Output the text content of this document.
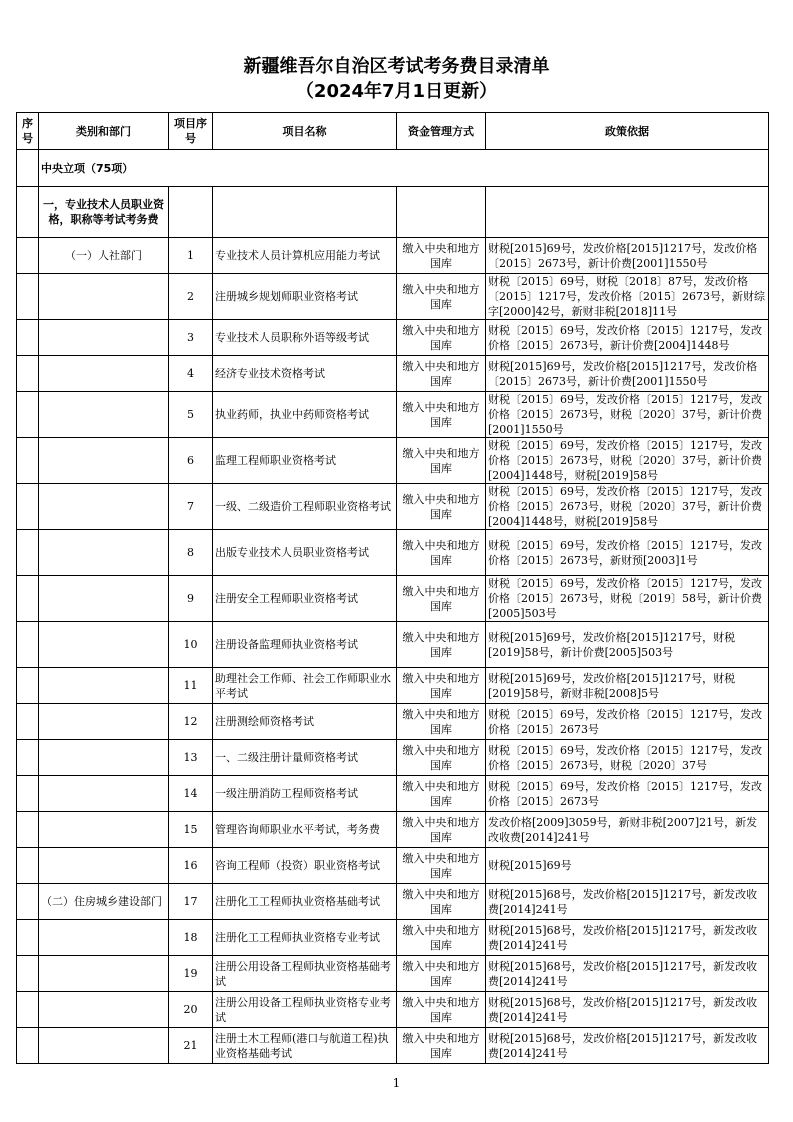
新疆维吾尔自治区考试考务费目录清单
（2024年7月1日更新）
序号	类别和部门	项目序号	项目名称	资金管理方式	政策依据
	中央立项（75项）				
	一，专业技术人员职业资格，职称等考试考务费				
	（一）人社部门	1	专业技术人员计算机应用能力考试	缴入中央和地方国库	财税[2015]69号，发改价格[2015]1217号，发改价格〔2015〕2673号，新计价费[2001]1550号
		2	注册城乡规划师职业资格考试	缴入中央和地方国库	财税〔2015〕69号，财税〔2018〕87号，发改价格〔2015〕1217号，发改价格〔2015〕2673号，新财综字[2000]42号，新财非税[2018]11号
		3	专业技术人员职称外语等级考试	缴入中央和地方国库	财税〔2015〕69号，发改价格〔2015〕1217号，发改价格〔2015〕2673号，新计价费[2004]1448号
		4	经济专业技术资格考试	缴入中央和地方国库	财税[2015]69号，发改价格[2015]1217号，发改价格〔2015〕2673号，新计价费[2001]1550号
		5	执业药师，执业中药师资格考试	缴入中央和地方国库	财税〔2015〕69号，发改价格〔2015〕1217号，发改价格〔2015〕2673号，财税〔2020〕37号，新计价费[2001]1550号
		6	监理工程师职业资格考试	缴入中央和地方国库	财税〔2015〕69号，发改价格〔2015〕1217号，发改价格〔2015〕2673号，财税〔2020〕37号，新计价费[2004]1448号，财税[2019]58号
		7	一级、二级造价工程师职业资格考试	缴入中央和地方国库	财税〔2015〕69号，发改价格〔2015〕1217号，发改价格〔2015〕2673号，财税〔2020〕37号，新计价费[2004]1448号，财税[2019]58号
		8	出版专业技术人员职业资格考试	缴入中央和地方国库	财税〔2015〕69号，发改价格〔2015〕1217号，发改价格〔2015〕2673号，新财预[2003]1号
		9	注册安全工程师职业资格考试	缴入中央和地方国库	财税〔2015〕69号，发改价格〔2015〕1217号，发改价格〔2015〕2673号，财税〔2019〕58号，新计价费[2005]503号
		10	注册设备监理师执业资格考试	缴入中央和地方国库	财税[2015]69号，发改价格[2015]1217号，财税[2019]58号，新计价费[2005]503号
		11	助理社会工作师、社会工作师职业水平考试	缴入中央和地方国库	财税[2015]69号，发改价格[2015]1217号，财税[2019]58号，新财非税[2008]5号
		12	注册测绘师资格考试	缴入中央和地方国库	财税〔2015〕69号，发改价格〔2015〕1217号，发改价格〔2015〕2673号
		13	一、二级注册计量师资格考试	缴入中央和地方国库	财税〔2015〕69号，发改价格〔2015〕1217号，发改价格〔2015〕2673号，财税〔2020〕37号
		14	一级注册消防工程师资格考试	缴入中央和地方国库	财税〔2015〕69号，发改价格〔2015〕1217号，发改价格〔2015〕2673号
		15	管理咨询师职业水平考试，考务费	缴入中央和地方国库	发改价格[2009]3059号，新财非税[2007]21号，新发改收费[2014]241号
		16	咨询工程师（投资）职业资格考试	缴入中央和地方国库	财税[2015]69号
	（二）住房城乡建设部门	17	注册化工工程师执业资格基础考试	缴入中央和地方国库	财税[2015]68号，发改价格[2015]1217号，新发改收费[2014]241号
		18	注册化工工程师执业资格专业考试	缴入中央和地方国库	财税[2015]68号，发改价格[2015]1217号，新发改收费[2014]241号
		19	注册公用设备工程师执业资格基础考试	缴入中央和地方国库	财税[2015]68号，发改价格[2015]1217号，新发改收费[2014]241号
		20	注册公用设备工程师执业资格专业考试	缴入中央和地方国库	财税[2015]68号，发改价格[2015]1217号，新发改收费[2014]241号
		21	注册土木工程师(港口与航道工程)执业资格基础考试	缴入中央和地方国库	财税[2015]68号，发改价格[2015]1217号，新发改收费[2014]241号
1
